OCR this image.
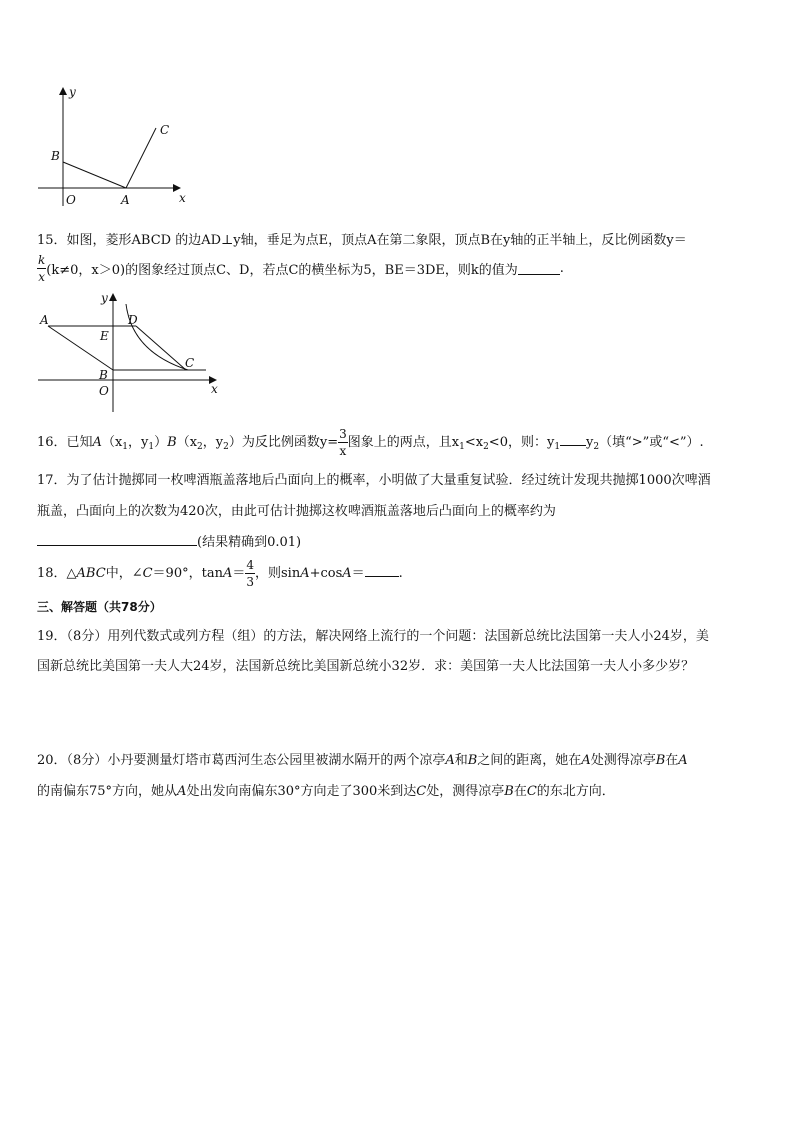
y
x
O	A
B
C
15．如图，菱形ABCD 的边AD⊥y轴，垂足为点E，顶点A在第二象限，顶点B在y轴的正半轴上，反比例函数y＝
$\frac{k}{x} (k\ne 0$，x＞0)的图象经过顶点C、D，若点C的横坐标为5，BE＝3DE，则k的值为	.
y
x
O
A
B
C
D
E
16．已知$A(x_1$，$y_1)B(x_2$，$y_2$）为反比例函数$y= \frac{3}{x}$ 图象上的两点，且$x_1<x_2<0$，则：$y_1$ $y_2$（填“>”或“<”）.
17．为了估计抛掷同一枚啤酒瓶盖落地后凸面向上的概率，小明做了大量重复试验．经过统计发现共抛掷1000次啤酒
瓶盖，凸面向上的次数为420次，由此可估计抛掷这枚啤酒瓶盖落地后凸面向上的概率约为
(结果精确到0.01)
18．△ABC中，∠C＝90°，$\tan A= \frac{4}{3}$ ，则sinA+cosA＝	.
三、解答题（共78分）
19．（8分）用列代数式或列方程（组）的方法，解决网络上流行的一个问题：法国新总统比法国第一夫人小24岁，美
国新总统比美国第一夫人大24岁，法国新总统比美国新总统小32岁．求：美国第一夫人比法国第一夫人小多少岁？
20．（8分）小丹要测量灯塔市葛西河生态公园里被湖水隔开的两个凉亭A和B之间的距离，她在A处测得凉亭B在A
的南偏东75°方向，她从A处出发向南偏东30°方向走了300米到达C处，测得凉亭B在C的东北方向．
